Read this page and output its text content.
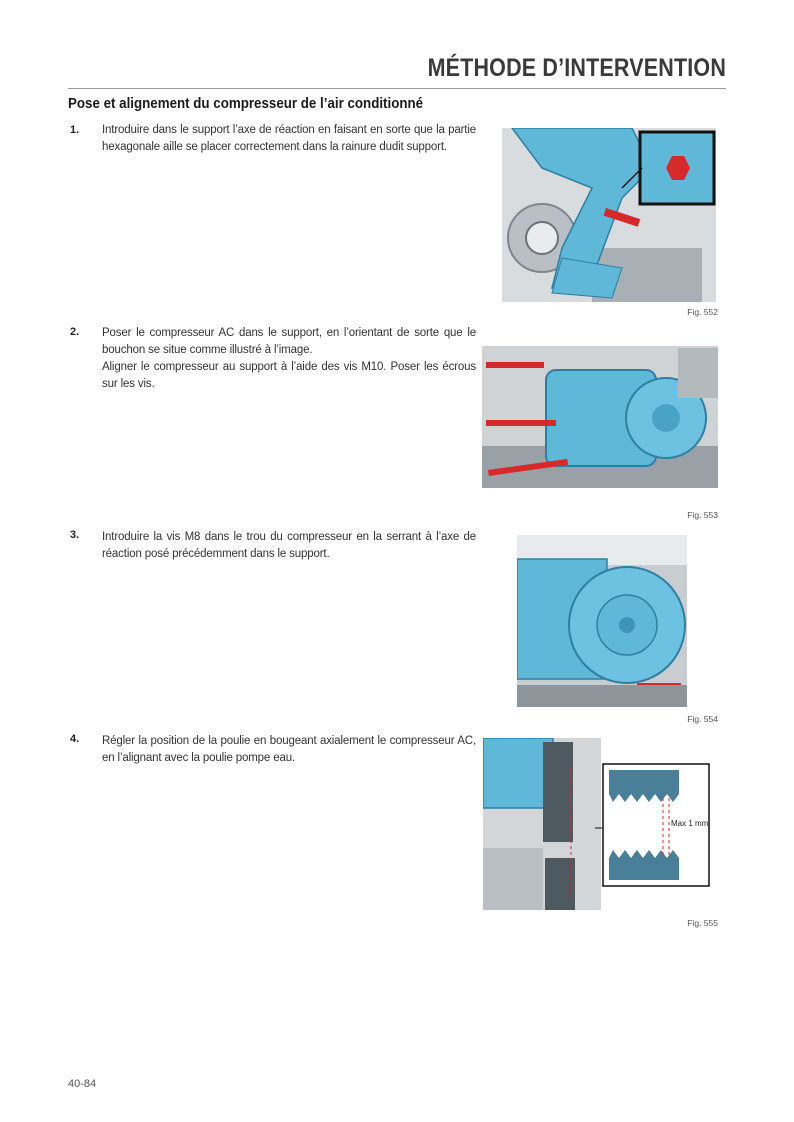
MÉTHODE D’INTERVENTION
Pose et alignement du compresseur de l’air conditionné
1. Introduire dans le support l’axe de réaction en faisant en sorte que la partie hexagonale aille se placer correctement dans la rainure dudit support.
Fig. 552
2. Poser le compresseur AC dans le support, en l’orientant de sorte que le bouchon se situe comme illustré à l’image.
Aligner le compresseur au support à l’aide des vis M10. Poser les écrous sur les vis.
Fig. 553
3. Introduire la vis M8 dans le trou du compresseur en la serrant à l’axe de réaction posé précédemment dans le support.
Fig. 554
4. Régler la position de la poulie en bougeant axialement le compresseur AC, en l’alignant avec la poulie pompe eau.
Max 1 mm
Fig. 555
40-84
